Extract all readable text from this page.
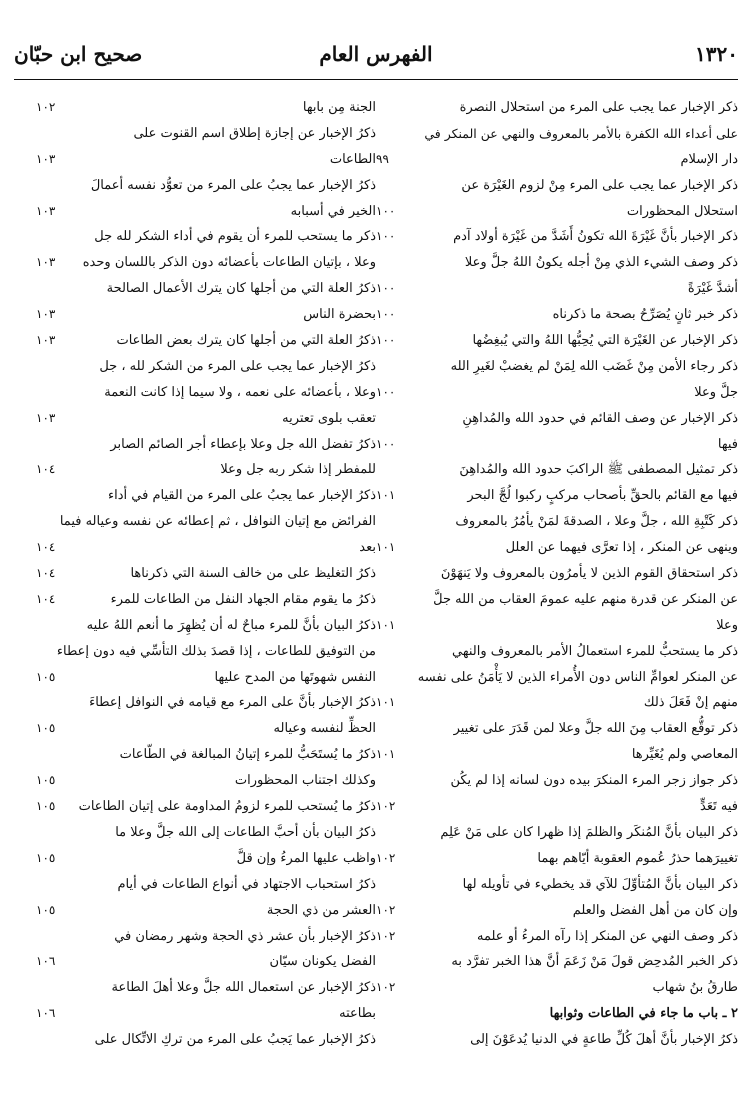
١٣٢٠
الفهرس العام
صحيح ابن حبّان
ذكر الإخبار عما يجب على المرء من استحلال النصرة
على أعداء الله الكفرة بالأمر بالمعروف والنهي عن المنكر في
دار الإسلام
٩٩
ذكر الإخبار عما يجب على المرء مِنْ لزوم الغَيْرَة عن
استحلال المحظورات
١٠٠
ذكر الإخبار بأنَّ غَيْرَةَ الله تكونُ أَشَدَّ من غَيْرَة أولاد آدم
١٠٠
ذكر وصف الشيء الذي مِنْ أجله يكونُ اللهُ جلَّ وعلا
أشدَّ غَيْرَةً
١٠٠
ذكر خبر ثانٍ يُصَرِّحُ بصحة ما ذكرناه
١٠٠
ذكر الإخبار عن الغَيْرَة التي يُحِبُّها اللهُ والتي يُبغِضُها
١٠٠
ذكر رجاء الأمن مِنْ غَضَب الله لِمَنْ لم يغضبْ لغَيرِ الله
جلَّ وعلا
١٠٠
ذكر الإخبار عن وصف القائم في حدود الله والمُداهِنِ
فيها
١٠٠
ذكر تمثيل المصطفى ﷺ الراكبَ حدود الله والمُداهِنَ
فيها مع القائم بالحقِّ بأصحاب مركبٍ ركبوا لُجَّ البحر
١٠١
ذكر كَتْبِةِ الله ، جلَّ وعلا ، الصدقةَ لمَنْ يأمُرُ بالمعروف
وينهى عن المنكر ، إذا تعرَّى فيهما عن العلل
١٠١
ذكر استحقاق القوم الذين لا يأمرُون بالمعروف ولا يَنهَوْنَ
عن المنكر عن قدرة منهم عليه عمومَ العقاب من الله جلَّ
وعلا
١٠١
ذكر ما يستحبُّ للمرء استعمالُ الأمر بالمعروف والنهي
عن المنكر لعوامِّ الناس دون الأُمراء الذين لا يَأْمَنُ على نفسه
منهم إنْ فَعَلَ ذلك
١٠١
ذكر توقُّع العقاب مِنَ الله جلَّ وعلا لمن قَدَرَ على تغيير
المعاصي ولم يُغَيِّرها
١٠١
ذكر جواز زجر المرء المنكرَ بيده دون لسانه إذا لم يكُن
فيه تَعَدٍّ
١٠٢
ذكر البيان بأنَّ المُنكَر والظلمَ إذا ظهرا كان على مَنْ عَلِم
تغييرَهما حذرُ عُموم العقوبة أيّاهم بهما
١٠٢
ذكر البيان بأنَّ المُتأوِّلَ للآي قد يخطيء في تأويله لها
وإن كان من أهل الفضل والعلم
١٠٢
ذكر وصف النهي عن المنكر إذا رآه المرءُ أو علمه
١٠٢
ذكر الخبر المُدحِض قولَ مَنْ زَعَمَ أنَّ هذا الخبر تفرَّد به
طارقُ بنُ شهاب
١٠٢
٢ ـ باب ما جاء في الطاعات وثوابها
ذكرُ الإخبار بأنَّ أهلَ كُلِّ طاعةٍ في الدنيا يُدعَوْنَ إلى
الجنة مِن بابها
١٠٢
ذكرُ الإخبار عن إجازة إطلاق اسم القنوت على
الطاعات
١٠٣
ذكرُ الإخبار عما يجبُ على المرء من تعوُّد نفسه أعمالَ
الخير في أسبابه
١٠٣
ذكر ما يستحب للمرء أن يقوم في أداء الشكر لله جل
وعلا ، بإتيان الطاعات بأعضائه دون الذكر باللسان وحده
١٠٣
ذكرُ العلة التي من أجلها كان يترك الأعمال الصالحة
بحضرة الناس
١٠٣
ذكرُ العلة التي من أجلها كان يترك بعض الطاعات
١٠٣
ذكرُ الإخبار عما يجب على المرء من الشكر لله ، جل
وعلا ، بأعضائه على نعمه ، ولا سيما إذا كانت النعمة
تعقب بلوى تعتريه
١٠٣
ذكرُ تفضل الله جل وعلا بإعطاء أجر الصائم الصابر
للمفطر إذا شكر ربه جل وعلا
١٠٤
ذكرُ الإخبار عما يجبُ على المرء من القيام في أداء
الفرائض مع إتيان النوافل ، ثم إعطائه عن نفسه وعياله فيما
بعد
١٠٤
ذكرُ التغليظ على من خالف السنة التي ذكرناها
١٠٤
ذكرُ ما يقوم مقام الجهاد النفل من الطاعات للمرء
١٠٤
ذكرُ البيان بأنَّ للمرء مباحٌ له أن يُظهِرَ ما أنعم اللهُ عليه
من التوفيق للطاعات ، إذا قصدَ بذلك التأسِّي فيه دون إعطاء
النفس شهوتَها من المدح عليها
١٠٥
ذكرُ الإخبار بأنَّ على المرء مع قيامه في النوافل إعطاءَ
الحظِّ لنفسه وعياله
١٠٥
ذكرُ ما يُستَحَبُّ للمرء إتيانُ المبالغة في الطّاعات
وكذلك اجتناب المحظورات
١٠٥
ذكرُ ما يُستحب للمرء لزومُ المداومة على إتيان الطاعات
١٠٥
ذكرُ البيان بأن أحبَّ الطاعات إلى الله جلَّ وعلا ما
واظب عليها المرءُ وإن قلَّ
١٠٥
ذكرُ استحباب الاجتهاد في أنواع الطاعات في أيام
العشر من ذي الحجة
١٠٥
ذكرُ الإخبار بأن عشر ذي الحجة وشهر رمضان في
الفضل يكونان سيّان
١٠٦
ذكرُ الإخبار عن استعمال الله جلَّ وعلا أهلَ الطاعة
بطاعته
١٠٦
ذكرُ الإخبار عما يَجبُ على المرء من تركِ الاتِّكال على
